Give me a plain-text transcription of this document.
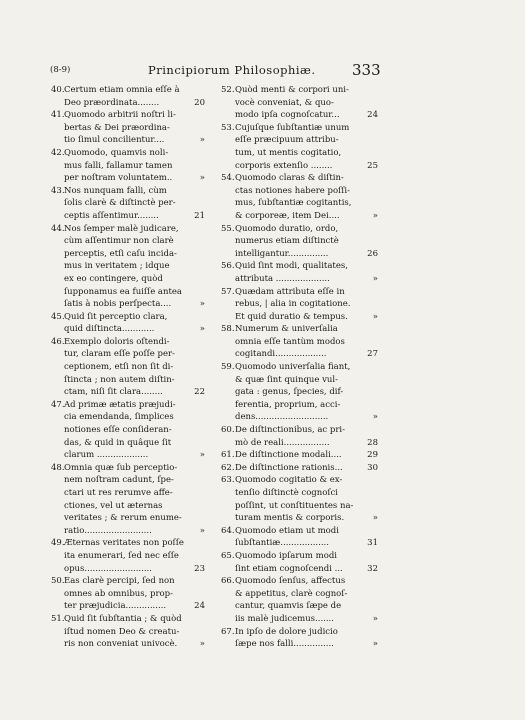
(8-9)	Principiorum Philosophiæ. 333
40. Certum etiam omnia eſſe à
Deo præordinata........	20
41. Quomodo arbitrii noſtri li-
bertas & Dei præordina-
tio ſimul concilientur....	»
42. Quomodo, quamvis noli-
mus falli, fallamur tamen
per noſtram voluntatem..	»
43. Nos nunquam falli, cùm
ſolis clarè & diſtinctè per-
ceptis aſſentimur........	21
44. Nos ſemper malè judicare,
cùm aſſentimur non clarè
perceptis, etſi caſu incida-
mus in veritatem ; idque
ex eo contingere, quòd
ſupponamus ea fuiſſe antea
ſatis à nobis perſpecta....	»
45. Quid ſit perceptio clara,
quid diſtincta............	»
46. Exemplo doloris oſtendi-
tur, claram eſſe poſſe per-
ceptionem, etſi non ſit di-
ſtincta ; non autem diſtin-
ctam, niſi ſit clara........	22
47. Ad primæ ætatis præjudi-
cia emendanda, ſimplices
notiones eſſe conſideran-
das, & quid in quâque ſit
clarum ...................	»
48. Omnia quæ ſub perceptio-
nem noſtram cadunt, ſpe-
ctari ut res rerumve affe-
ctiones, vel ut æternas
veritates ; & rerum enume-
ratio.........................	»
49. Æternas veritates non poſſe
ita enumerari, ſed nec eſſe
opus.........................	23
50. Eas clarè percipi, ſed non
omnes ab omnibus, prop-
ter præjudicia...............	24
51. Quid ſit ſubſtantia ; & quòd
iſtud nomen Deo & creatu-
ris non conveniat univocè.	»
52. Quòd menti & corpori uni-
vocè conveniat, & quo-
modo ipſa cognoſcatur...	24
53. Cujuſque ſubſtantiæ unum
eſſe præcipuum attribu-
tum, ut mentis cogitatio,
corporis extenſio ........	25
54. Quomodo claras & diſtin-
ctas notiones habere poſſi-
mus, ſubſtantiæ cogitantis,
& corporeæ, item Dei....	»
55. Quomodo duratio, ordo,
numerus etiam diſtinctè
intelligantur...............	26
56. Quid ſint modi, qualitates,
attributa ....................	»
57. Quædam attributa eſſe in
rebus, | alia in cogitatione.
Et quid duratio & tempus.	»
58. Numerum & univerſalia
omnia eſſe tantùm modos
cogitandi...................	27
59. Quomodo univerſalia fiant,
& quæ ſint quinque vul-
gata : genus, ſpecies, dif-
ferentia, proprium, acci-
dens...........................	»
60. De diſtinctionibus, ac pri-
mò de reali.................	28
61. De diſtinctione modali....	29
62. De diſtinctione rationis...	30
63. Quomodo cogitatio & ex-
tenſio diſtinctè cognoſci
poſſint, ut conſtituentes na-
turam mentis & corporis.	»
64. Quomodo etiam ut modi
ſubſtantiæ..................	31
65. Quomodo ipſarum modi
ſint etiam cognoſcendi ...	32
66. Quomodo ſenſus, affectus
& appetitus, clarè cognoſ-
cantur, quamvis ſæpe de
iis malè judicemus.......	»
67. In ipſo de dolore judicio
ſæpe nos falli...............	»
